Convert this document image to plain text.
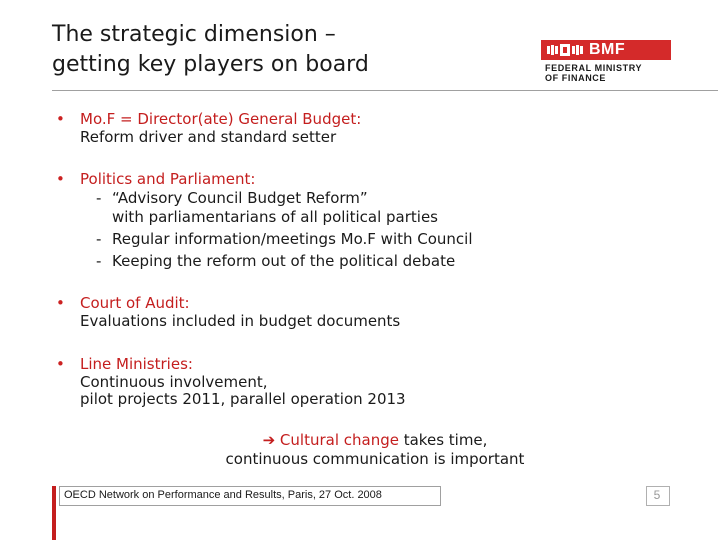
The strategic dimension –
getting key players on board
BMF
FEDERAL MINISTRY
OF FINANCE
• Mo.F = Director(ate) General Budget:
Reform driver and standard setter
• Politics and Parliament:
- “Advisory Council Budget Reform”
with parliamentarians of all political parties
- Regular information/meetings Mo.F with Council
- Keeping the reform out of the political debate
• Court of Audit:
Evaluations included in budget documents
• Line Ministries:
Continuous involvement,
pilot projects 2011, parallel operation 2013
➔ Cultural change takes time,
continuous communication is important
OECD Network on Performance and Results, Paris, 27 Oct. 2008	5
